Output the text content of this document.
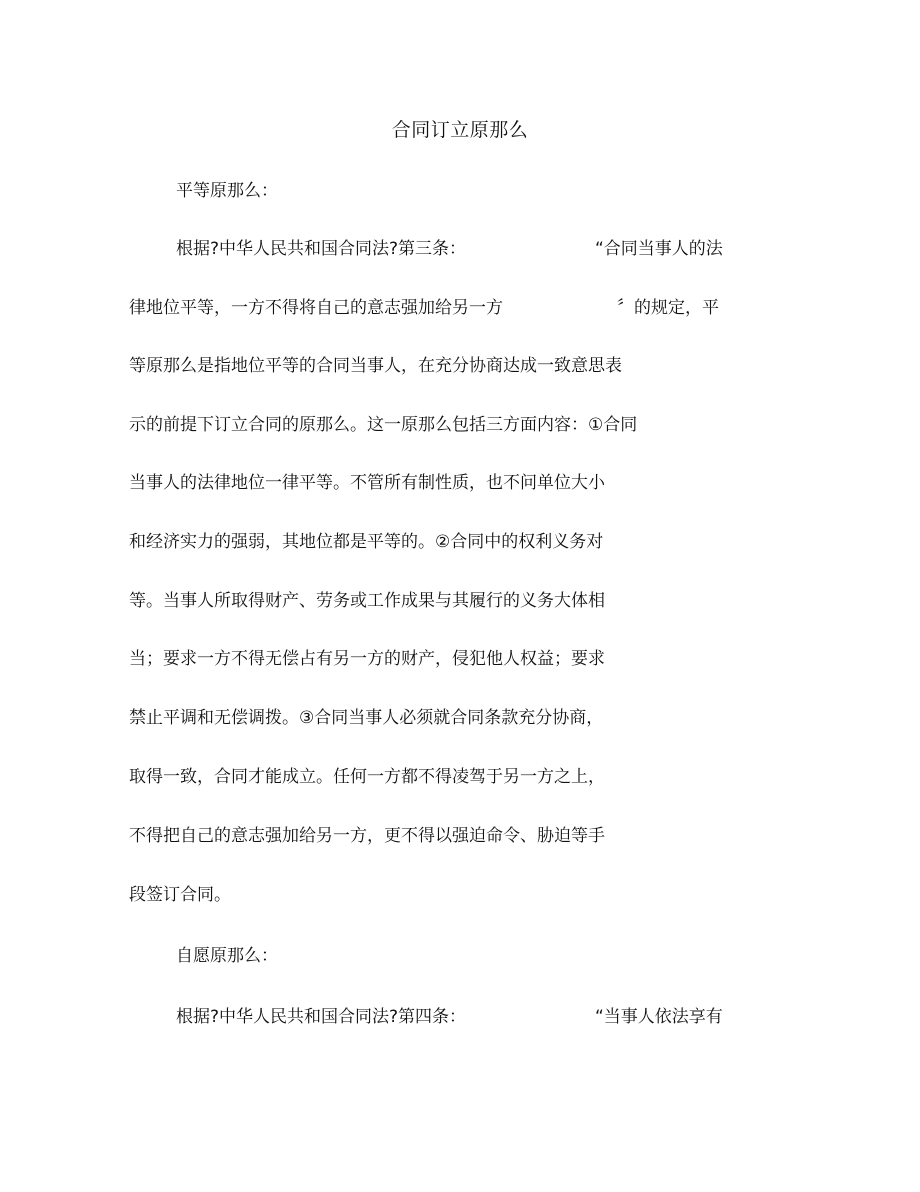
合同订立原那么
平等原那么：
根据?中华人民共和国合同法?第三条：	“合同当事人的法
律地位平等，一方不得将自己的意志强加给另一方	〞的规定，平
等原那么是指地位平等的合同当事人，在充分协商达成一致意思表
示的前提下订立合同的原那么。这一原那么包括三方面内容：①合同
当事人的法律地位一律平等。不管所有制性质，也不问单位大小
和经济实力的强弱，其地位都是平等的。②合同中的权利义务对
等。当事人所取得财产、劳务或工作成果与其履行的义务大体相
当；要求一方不得无偿占有另一方的财产，侵犯他人权益；要求
禁止平调和无偿调拨。③合同当事人必须就合同条款充分协商，
取得一致，合同才能成立。任何一方都不得凌驾于另一方之上，
不得把自己的意志强加给另一方，更不得以强迫命令、胁迫等手
段签订合同。
自愿原那么：
根据?中华人民共和国合同法?第四条：	“当事人依法享有
